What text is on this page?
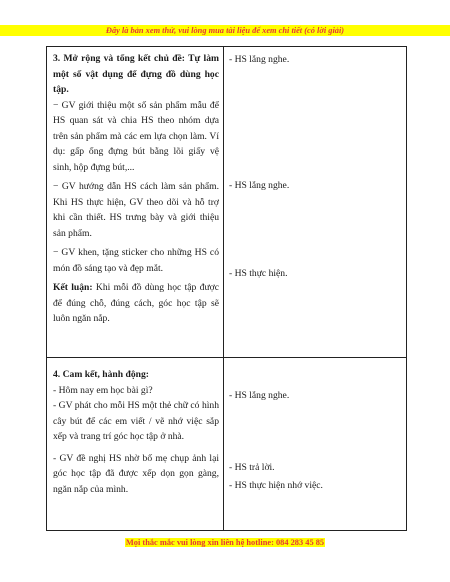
Đây là bản xem thử, vui lòng mua tài liệu để xem chi tiết (có lời giải)

3. Mở rộng và tổng kết chủ đề: Tự làm một số vật dụng để đựng đồ dùng học tập.

− GV giới thiệu một số sản phẩm mẫu để HS quan sát và chia HS theo nhóm dựa trên sản phẩm mà các em lựa chọn làm. Ví dụ: gấp ống đựng bút bằng lõi giấy vệ sinh, hộp đựng bút,...

− GV hướng dẫn HS cách làm sản phẩm. Khi HS thực hiện, GV theo dõi và hỗ trợ khi cần thiết. HS trưng bày và giới thiệu sản phẩm.

− GV khen, tặng sticker cho những HS có món đồ sáng tạo và đẹp mắt.

Kết luận: Khi mỗi đồ dùng học tập được để đúng chỗ, đúng cách, góc học tập sẽ luôn ngăn nắp.

- HS lắng nghe.
- HS lắng nghe.
- HS thực hiện.

4. Cam kết, hành động:

- Hôm nay em học bài gì?

- GV phát cho mỗi HS một thẻ chữ có hình cây bút để các em viết / vẽ nhớ việc sắp xếp và trang trí góc học tập ở nhà.

- GV đề nghị HS nhờ bố mẹ chụp ảnh lại góc học tập đã được xếp dọn gọn gàng, ngăn nắp của mình.

- HS lắng nghe.
- HS trả lời.
- HS thực hiện nhớ việc.
Mọi thắc mắc vui lòng xin liên hệ hotline: 084 283 45 85
